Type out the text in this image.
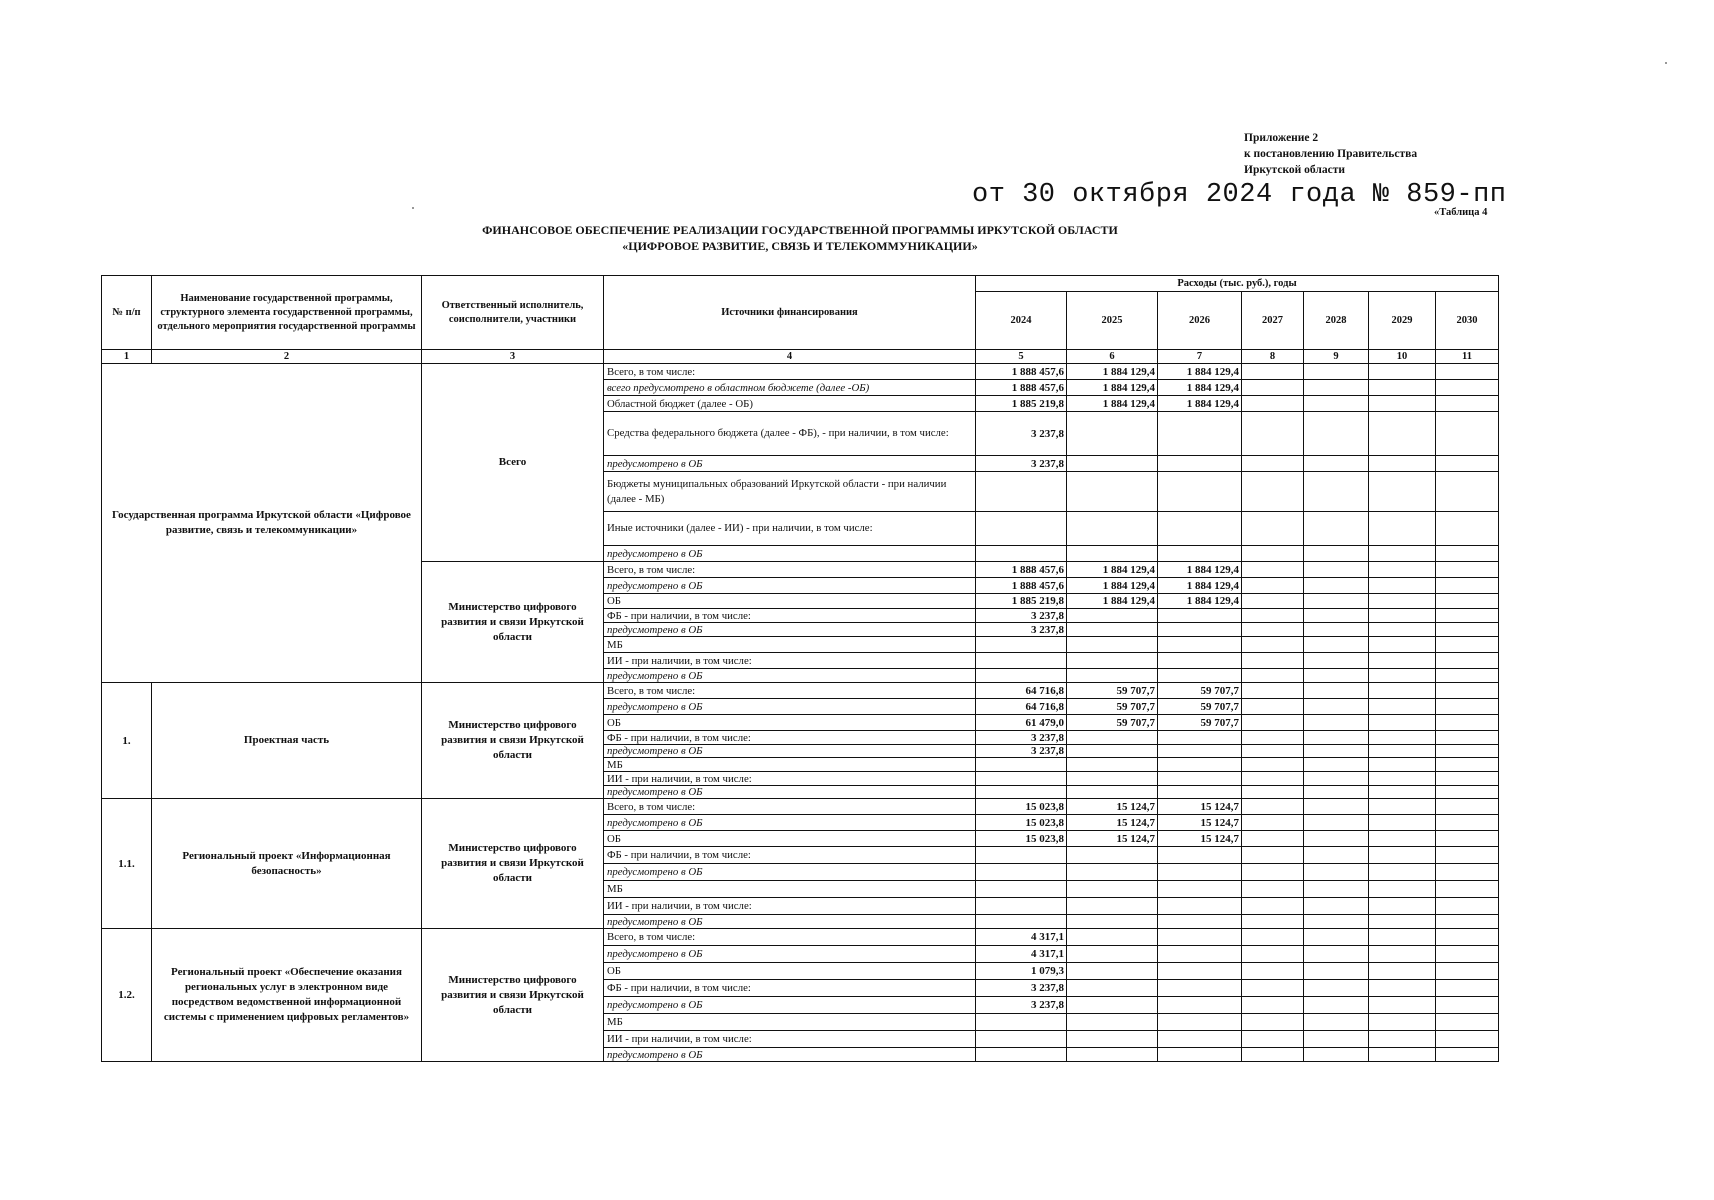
Приложение 2
к постановлению Правительства
Иркутской области
от 30 октября 2024 года № 859-пп
«Таблица 4
ФИНАНСОВОЕ ОБЕСПЕЧЕНИЕ РЕАЛИЗАЦИИ ГОСУДАРСТВЕННОЙ ПРОГРАММЫ ИРКУТСКОЙ ОБЛАСТИ
«ЦИФРОВОЕ РАЗВИТИЕ, СВЯЗЬ И ТЕЛЕКОММУНИКАЦИИ»
№ п/п	Наименование государственной программы, структурного элемента государственной программы, отдельного мероприятия государственной программы	Ответственный исполнитель, соисполнители, участники	Источники финансирования	Расходы (тыс. руб.), годы						
				2024	2025	2026	2027	2028	2029	2030
1	2	3	4	5	6	7	8	9	10	11
Государственная программа Иркутской области «Цифровое развитие, связь и телекоммуникации»		Всего	Всего, в том числе:	1 888 457,6	1 884 129,4	1 884 129,4				
			всего предусмотрено в областном бюджете (далее -ОБ)	1 888 457,6	1 884 129,4	1 884 129,4				
			Областной бюджет (далее - ОБ)	1 885 219,8	1 884 129,4	1 884 129,4				
			Средства федерального бюджета (далее - ФБ), - при наличии, в том числе:	3 237,8						
			предусмотрено в ОБ	3 237,8						
			Бюджеты муниципальных образований Иркутской области - при наличии (далее - МБ)							
			Иные источники (далее - ИИ) - при наличии, в том числе:							
			предусмотрено в ОБ							
		Министерство цифрового развития и связи Иркутской области	Всего, в том числе:	1 888 457,6	1 884 129,4	1 884 129,4				
			предусмотрено в ОБ	1 888 457,6	1 884 129,4	1 884 129,4				
			ОБ	1 885 219,8	1 884 129,4	1 884 129,4				
			ФБ - при наличии, в том числе:	3 237,8						
			предусмотрено в ОБ	3 237,8						
			МБ							
			ИИ - при наличии, в том числе:							
			предусмотрено в ОБ							
1.	Проектная часть	Министерство цифрового развития и связи Иркутской области	Всего, в том числе:	64 716,8	59 707,7	59 707,7				
			предусмотрено в ОБ	64 716,8	59 707,7	59 707,7				
			ОБ	61 479,0	59 707,7	59 707,7				
			ФБ - при наличии, в том числе:	3 237,8						
			предусмотрено в ОБ	3 237,8						
			МБ							
			ИИ - при наличии, в том числе:							
			предусмотрено в ОБ							
1.1.	Региональный проект «Информационная безопасность»	Министерство цифрового развития и связи Иркутской области	Всего, в том числе:	15 023,8	15 124,7	15 124,7				
			предусмотрено в ОБ	15 023,8	15 124,7	15 124,7				
			ОБ	15 023,8	15 124,7	15 124,7				
			ФБ - при наличии, в том числе:							
			предусмотрено в ОБ							
			МБ							
			ИИ - при наличии, в том числе:							
			предусмотрено в ОБ							
1.2.	Региональный проект «Обеспечение оказания региональных услуг в электронном виде посредством ведомственной информационной системы с применением цифровых регламентов»	Министерство цифрового развития и связи Иркутской области	Всего, в том числе:	4 317,1						
			предусмотрено в ОБ	4 317,1						
			ОБ	1 079,3						
			ФБ - при наличии, в том числе:	3 237,8						
			предусмотрено в ОБ	3 237,8						
			МБ							
			ИИ - при наличии, в том числе:							
			предусмотрено в ОБ							
